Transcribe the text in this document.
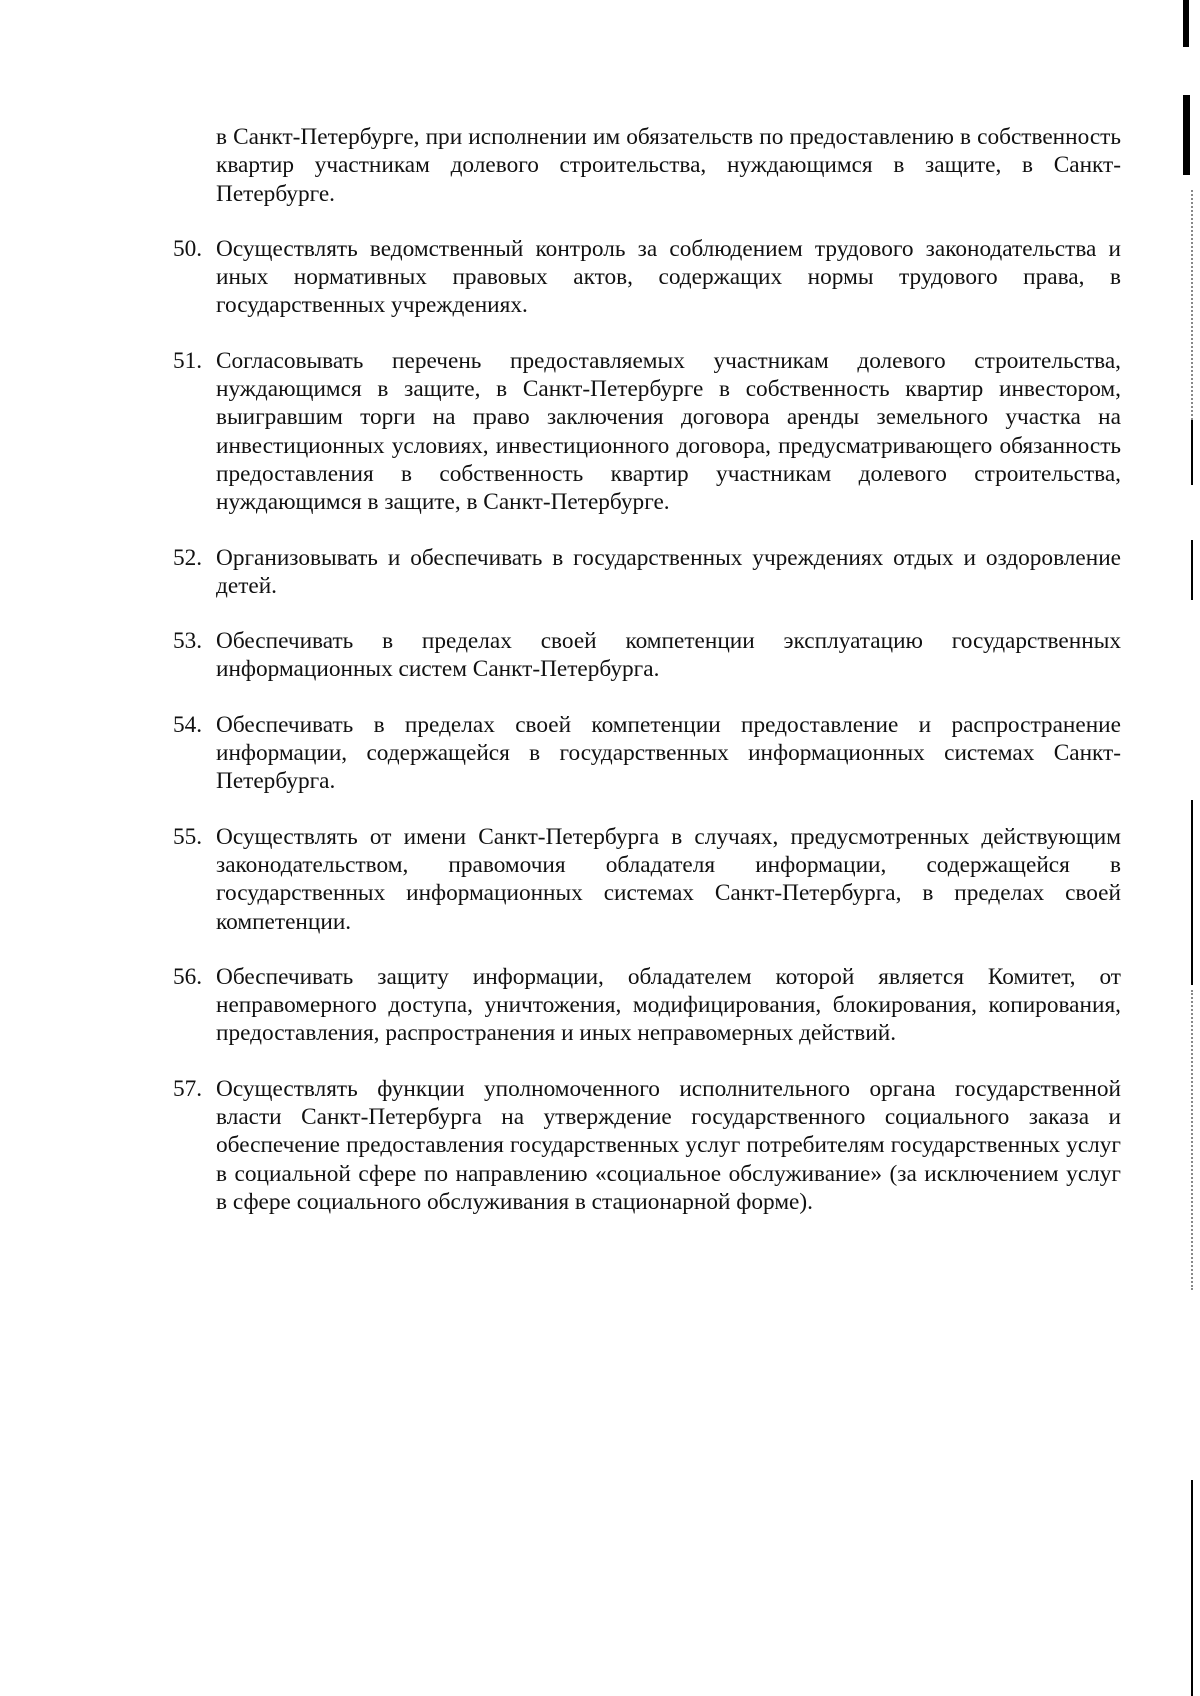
в Санкт-Петербурге, при исполнении им обязательств по предоставлению в собственность квартир участникам долевого строительства, нуждающимся в защите, в Санкт-Петербурге.

50. Осуществлять ведомственный контроль за соблюдением трудового законодательства и иных нормативных правовых актов, содержащих нормы трудового права, в государственных учреждениях.
51. Согласовывать перечень предоставляемых участникам долевого строительства, нуждающимся в защите, в Санкт-Петербурге в собственность квартир инвестором, выигравшим торги на право заключения договора аренды земельного участка на инвестиционных условиях, инвестиционного договора, предусматривающего обязанность предоставления в собственность квартир участникам долевого строительства, нуждающимся в защите, в Санкт-Петербурге.
52. Организовывать и обеспечивать в государственных учреждениях отдых и оздоровление детей.
53. Обеспечивать в пределах своей компетенции эксплуатацию государственных информационных систем Санкт-Петербурга.
54. Обеспечивать в пределах своей компетенции предоставление и распространение информации, содержащейся в государственных информационных системах Санкт-Петербурга.
55. Осуществлять от имени Санкт-Петербурга в случаях, предусмотренных действующим законодательством, правомочия обладателя информации, содержащейся в государственных информационных системах Санкт-Петербурга, в пределах своей компетенции.
56. Обеспечивать защиту информации, обладателем которой является Комитет, от неправомерного доступа, уничтожения, модифицирования, блокирования, копирования, предоставления, распространения и иных неправомерных действий.
57. Осуществлять функции уполномоченного исполнительного органа государственной власти Санкт-Петербурга на утверждение государственного социального заказа и обеспечение предоставления государственных услуг потребителям государственных услуг в социальной сфере по направлению «социальное обслуживание» (за исключением услуг в сфере социального обслуживания в стационарной форме).
